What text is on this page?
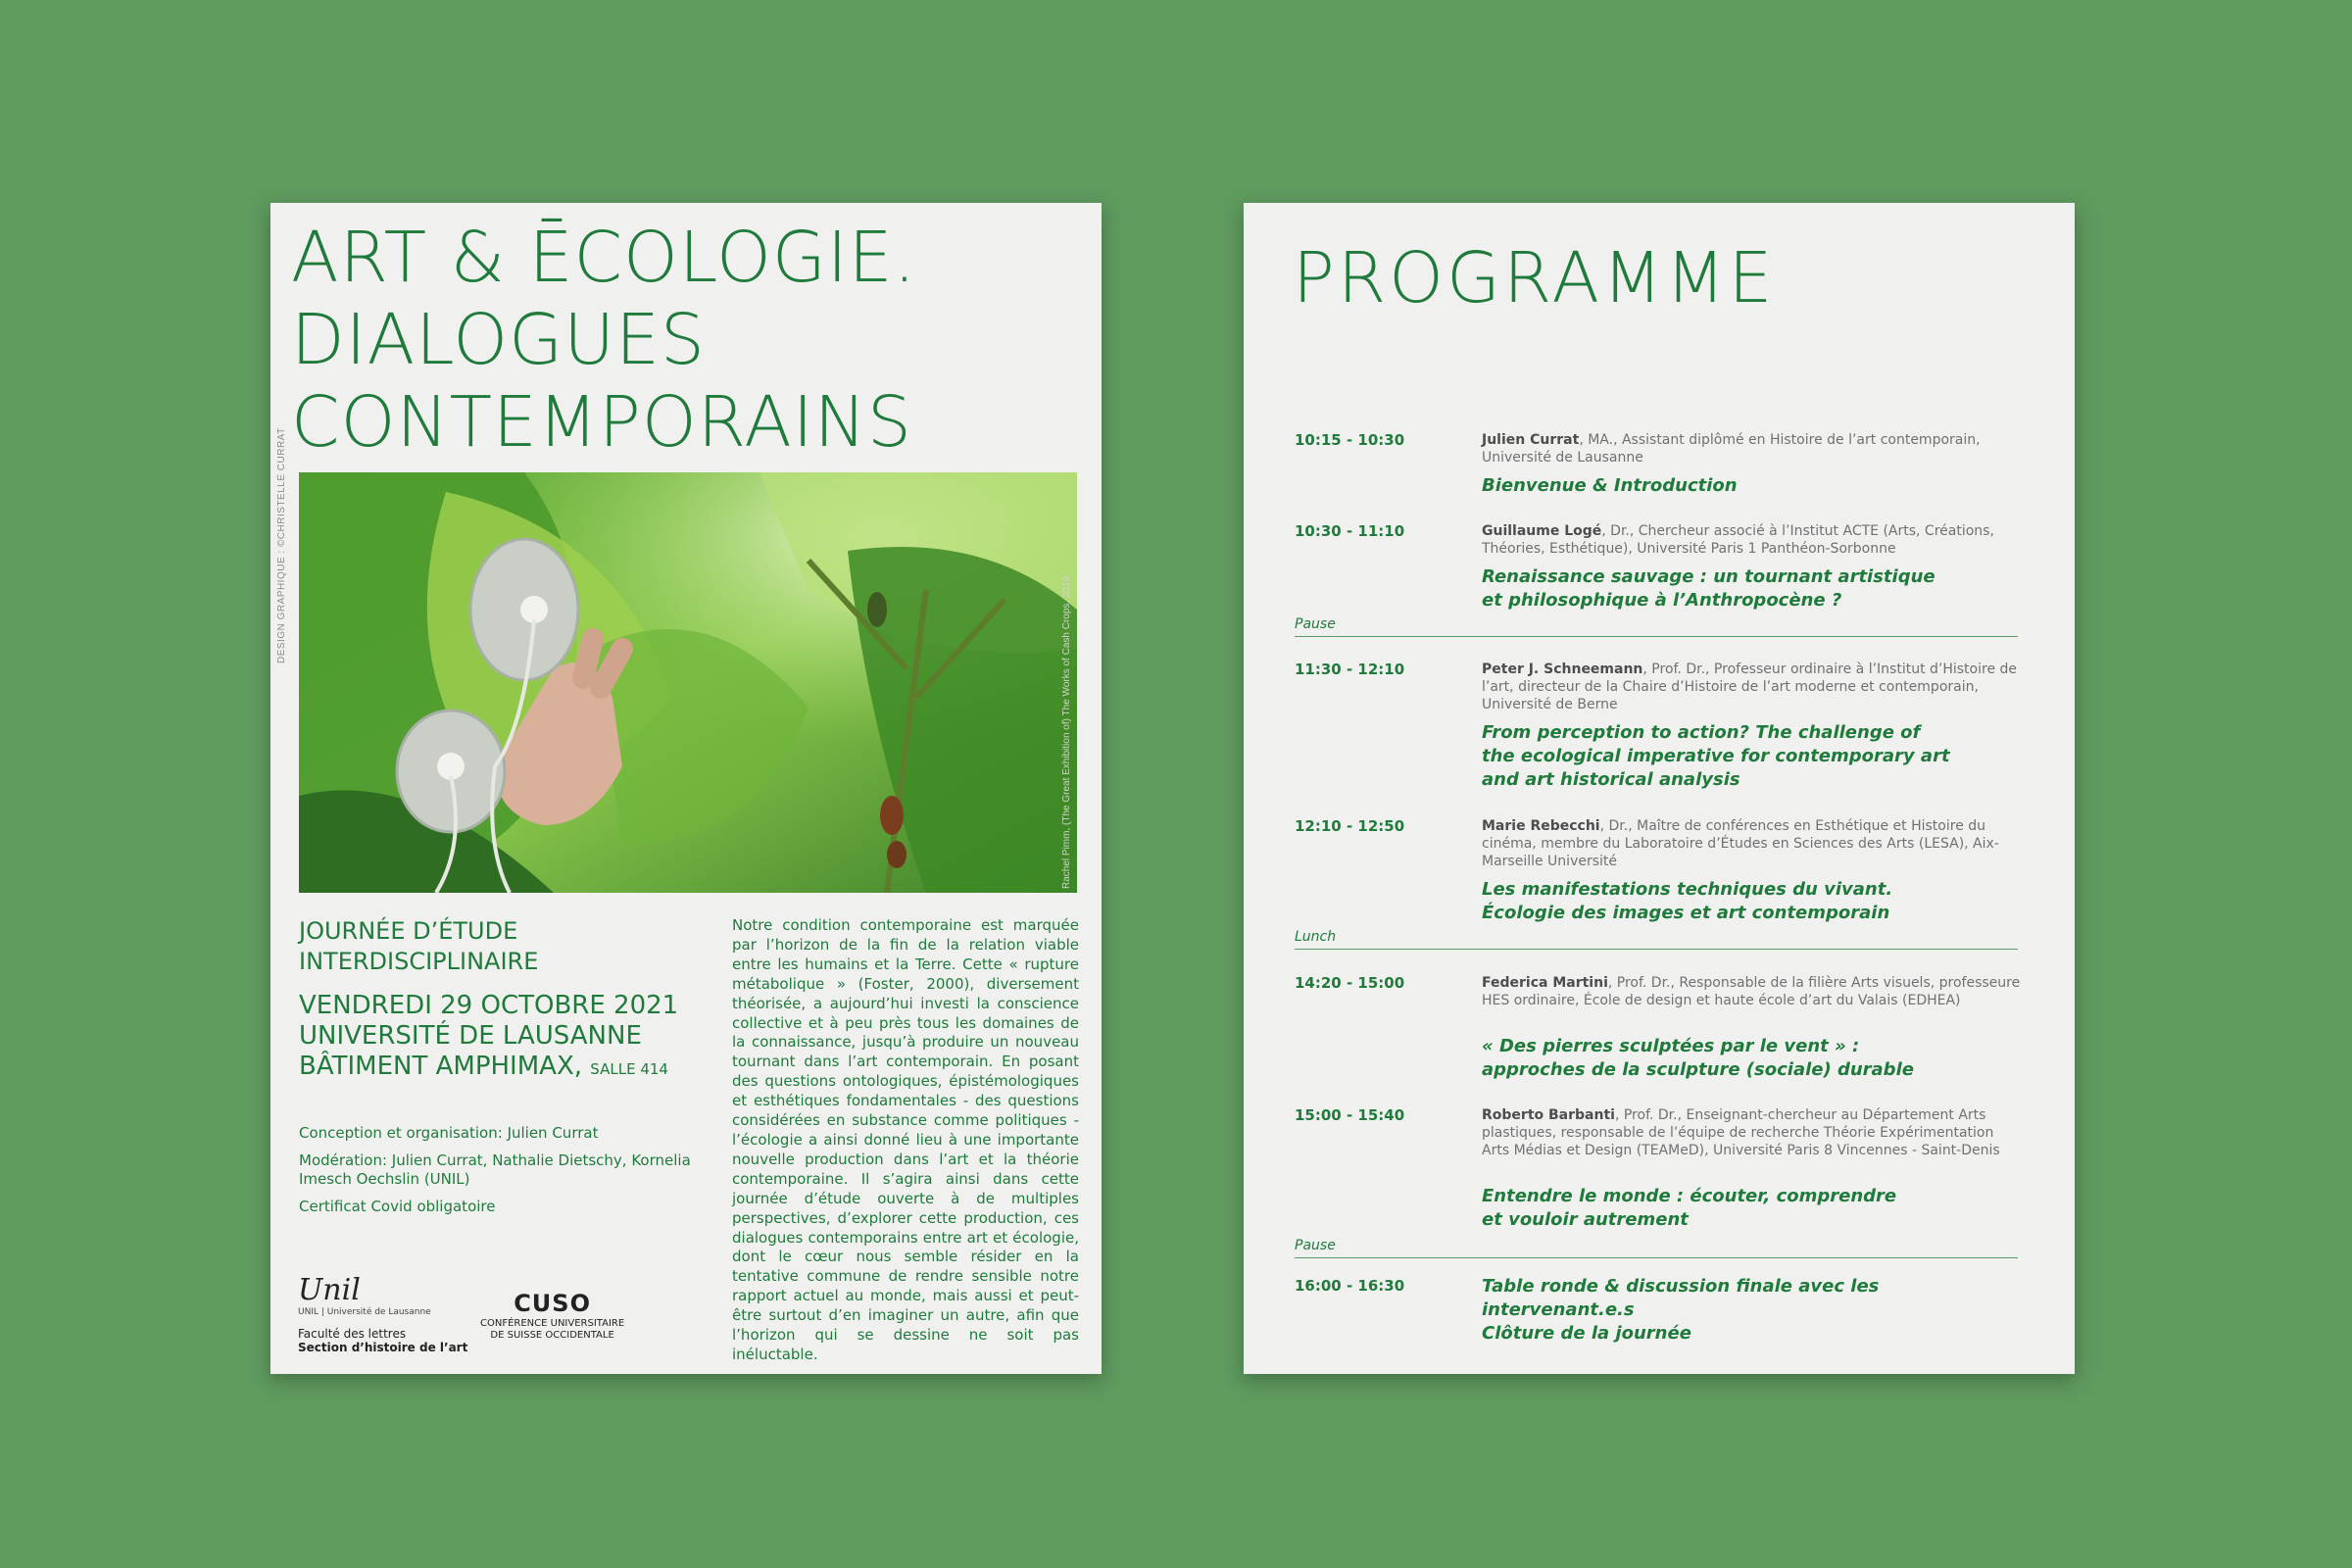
ART & ĒCOLOGIE.
DIALOGUES
CONTEMPORAINS
DESIGN GRAPHIQUE : ©CHRISTELLE CURRAT
Rachel Pimm, (The Great Exhibition of) The Works of Cash Crops, 2019
JOURNÉE D’ÉTUDE
INTERDISCIPLINAIRE
VENDREDI 29 OCTOBRE 2021
UNIVERSITÉ DE LAUSANNE
BÂTIMENT AMPHIMAX, SALLE 414

Conception et organisation: Julien Currat

Modération: Julien Currat, Nathalie Dietschy, Kornelia Imesch Oechslin (UNIL)

Certificat Covid obligatoire

Notre condition contemporaine est marquée par l’horizon de la fin de la relation viable entre les humains et la Terre. Cette « rupture métabolique » (Foster, 2000), diversement théorisée, a aujourd’hui investi la conscience collective et à peu près tous les domaines de la connaissance, jusqu’à produire un nouveau tournant dans l’art contemporain. En posant des questions ontologiques, épistémologiques et esthétiques fondamentales - des questions considérées en substance comme politiques - l’écologie a ainsi donné lieu à une importante nouvelle production dans l’art et la théorie contemporaine. Il s’agira ainsi dans cette journée d’étude ouverte à de multiples perspectives, d’explorer cette production, ces dialogues contemporains entre art et écologie, dont le cœur nous semble résider en la tentative commune de rendre sensible notre rapport actuel au monde, mais aussi et peut-être surtout d’en imaginer un autre, afin que l’horizon qui se dessine ne soit pas inéluctable.
Unil
UNIL | Université de Lausanne
Faculté des lettres
Section d’histoire de l’art
CUSO
CONFÉRENCE UNIVERSITAIRE
DE SUISSE OCCIDENTALE
PROGRAMME
10:15 - 10:30	Julien Currat, MA., Assistant diplômé en Histoire de l’art contemporain, Université de Lausanne
Bienvenue & Introduction
10:30 - 11:10	Guillaume Logé, Dr., Chercheur associé à l’Institut ACTE (Arts, Créations, Théories, Esthétique), Université Paris 1 Panthéon-Sorbonne
Renaissance sauvage : un tournant artistique
et philosophique à l’Anthropocène ?
Pause
11:30 - 12:10	Peter J. Schneemann, Prof. Dr., Professeur ordinaire à l’Institut d’Histoire de l’art, directeur de la Chaire d’Histoire de l’art moderne et contemporain, Université de Berne
From perception to action? The challenge of
the ecological imperative for contemporary art
and art historical analysis
12:10 - 12:50	Marie Rebecchi, Dr., Maître de conférences en Esthétique et Histoire du cinéma, membre du Laboratoire d’Études en Sciences des Arts (LESA), Aix-Marseille Université
Les manifestations techniques du vivant.
Écologie des images et art contemporain
Lunch
14:20 - 15:00	Federica Martini, Prof. Dr., Responsable de la filière Arts visuels, professeure HES ordinaire, École de design et haute école d’art du Valais (EDHEA)
« Des pierres sculptées par le vent » :
approches de la sculpture (sociale) durable
15:00 - 15:40	Roberto Barbanti, Prof. Dr., Enseignant-chercheur au Département Arts plastiques, responsable de l’équipe de recherche Théorie Expérimentation Arts Médias et Design (TEAMeD), Université Paris 8 Vincennes - Saint-Denis
Entendre le monde : écouter, comprendre
et vouloir autrement
Pause
16:00 - 16:30	Table ronde & discussion finale avec les intervenant.e.s
Clôture de la journée
